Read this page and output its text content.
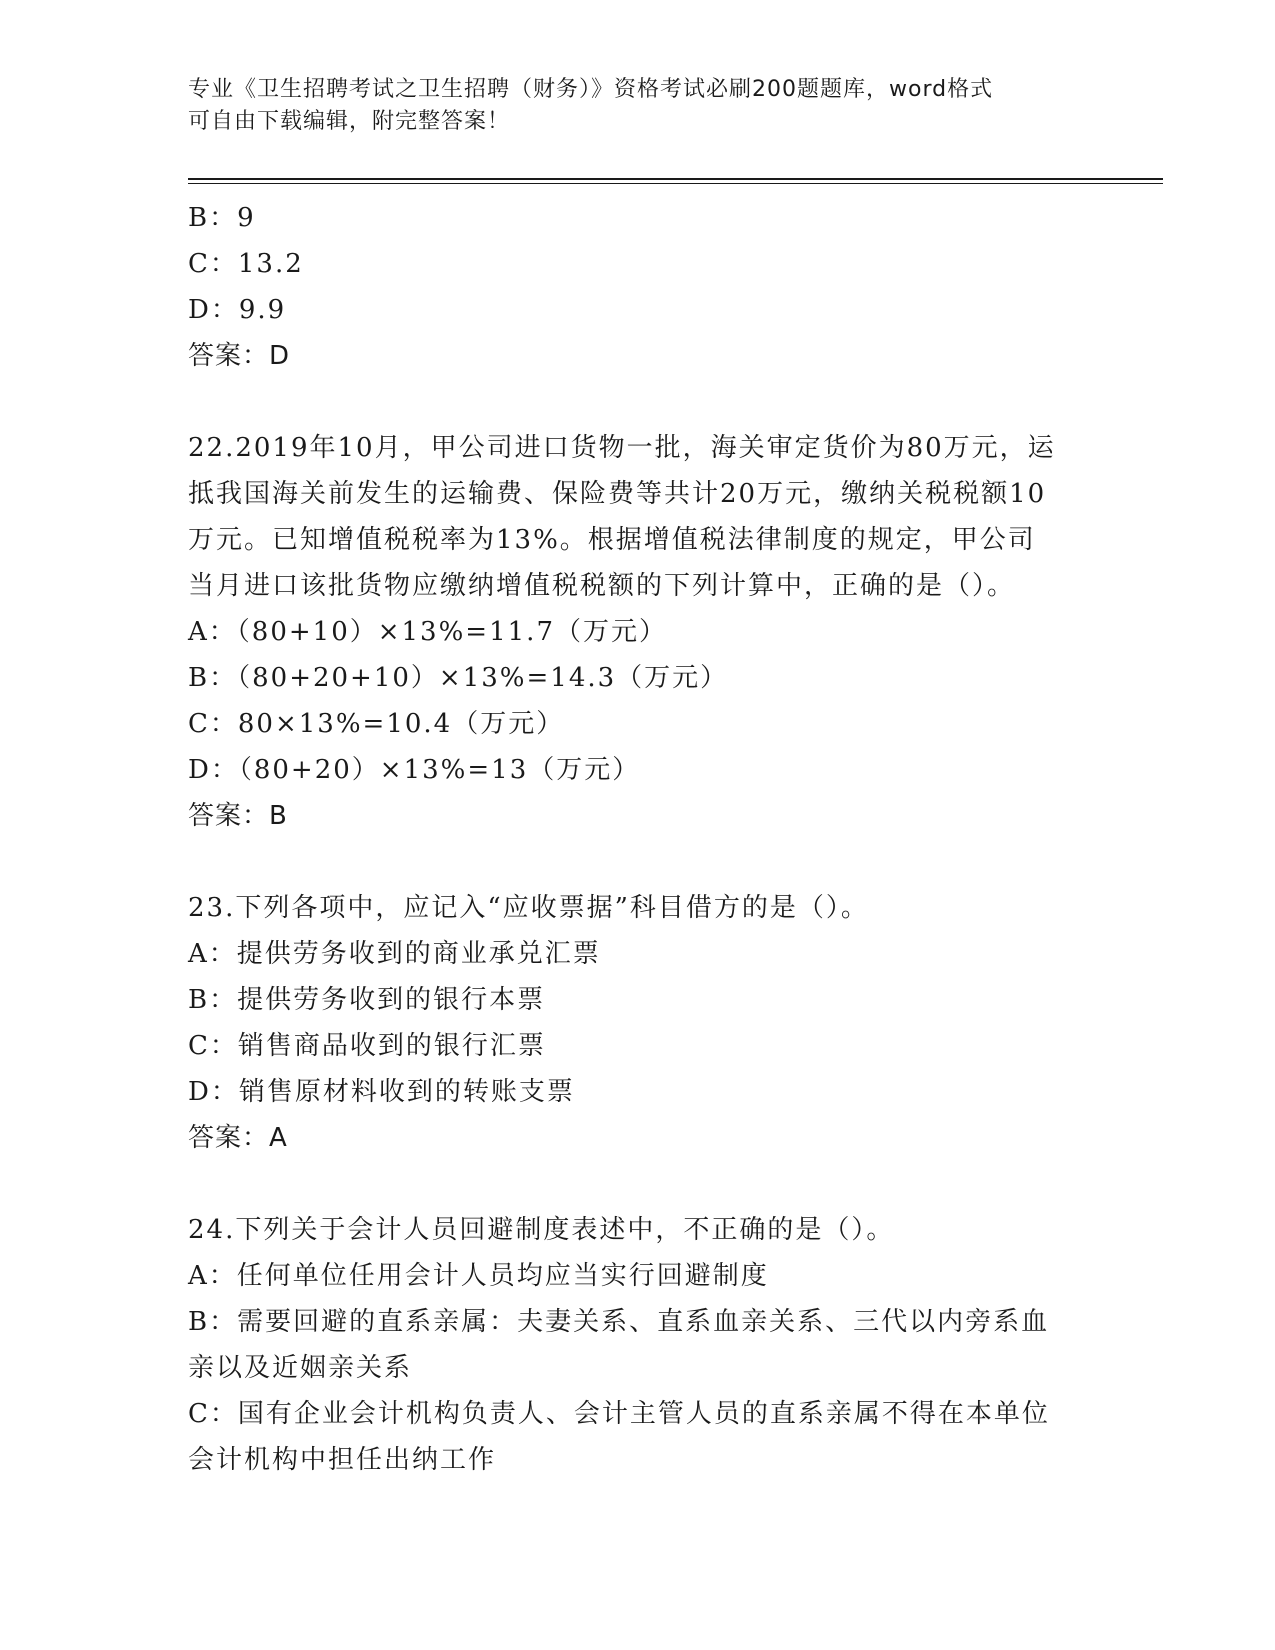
专业《卫生招聘考试之卫生招聘（财务）》资格考试必刷200题题库，word格式
可自由下载编辑，附完整答案！
B：9
C：13.2
D：9.9
答案：D
22.2019年10月，甲公司进口货物一批，海关审定货价为80万元，运
抵我国海关前发生的运输费、保险费等共计20万元，缴纳关税税额10
万元。已知增值税税率为13%。根据增值税法律制度的规定，甲公司
当月进口该批货物应缴纳增值税税额的下列计算中，正确的是（）。
A：（80+10）×13%=11.7（万元）
B：（80+20+10）×13%=14.3（万元）
C：80×13%=10.4（万元）
D：（80+20）×13%=13（万元）
答案：B
23.下列各项中，应记入“应收票据”科目借方的是（）。
A：提供劳务收到的商业承兑汇票
B：提供劳务收到的银行本票
C：销售商品收到的银行汇票
D：销售原材料收到的转账支票
答案：A
24.下列关于会计人员回避制度表述中，不正确的是（）。
A：任何单位任用会计人员均应当实行回避制度
B：需要回避的直系亲属：夫妻关系、直系血亲关系、三代以内旁系血
亲以及近姻亲关系
C：国有企业会计机构负责人、会计主管人员的直系亲属不得在本单位
会计机构中担任出纳工作
